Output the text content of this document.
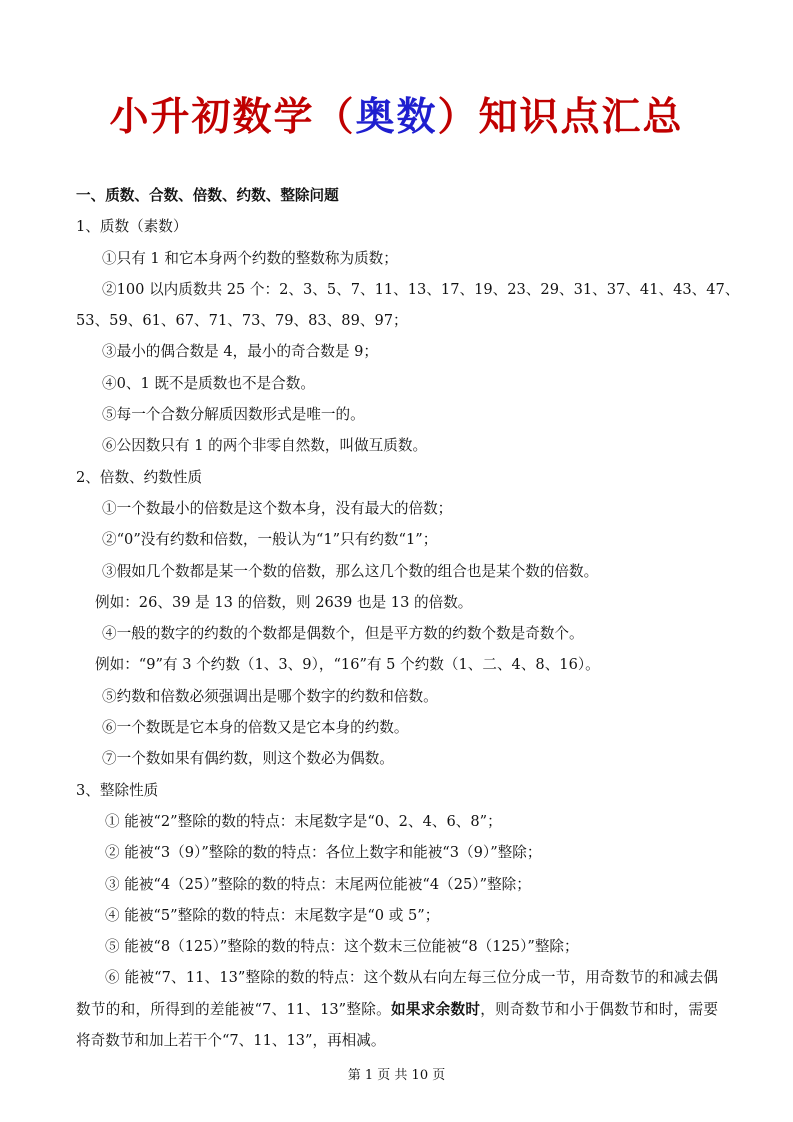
小升初数学（奥数）知识点汇总
一、质数、合数、倍数、约数、整除问题
1、质数（素数）
①只有 1 和它本身两个约数的整数称为质数；
②100 以内质数共 25 个：2、3、5、7、11、13、17、19、23、29、31、37、41、43、47、
53、59、61、67、71、73、79、83、89、97；
③最小的偶合数是 4，最小的奇合数是 9；
④0、1 既不是质数也不是合数。
⑤每一个合数分解质因数形式是唯一的。
⑥公因数只有 1 的两个非零自然数，叫做互质数。
2、倍数、约数性质
①一个数最小的倍数是这个数本身，没有最大的倍数；
②“0”没有约数和倍数，一般认为“1”只有约数“1”；
③假如几个数都是某一个数的倍数，那么这几个数的组合也是某个数的倍数。
例如：26、39 是 13 的倍数，则 2639 也是 13 的倍数。
④一般的数字的约数的个数都是偶数个，但是平方数的约数个数是奇数个。
例如：“9”有 3 个约数（1、3、9），“16”有 5 个约数（1、二、4、8、16）。
⑤约数和倍数必须强调出是哪个数字的约数和倍数。
⑥一个数既是它本身的倍数又是它本身的约数。
⑦一个数如果有偶约数，则这个数必为偶数。
3、整除性质
① 能被“2”整除的数的特点：末尾数字是“0、2、4、6、8”；
② 能被“3（9）”整除的数的特点：各位上数字和能被“3（9）”整除；
③ 能被“4（25）”整除的数的特点：末尾两位能被“4（25）”整除；
④ 能被“5”整除的数的特点：末尾数字是“0 或 5”；
⑤ 能被“8（125）”整除的数的特点：这个数末三位能被“8（125）”整除；
⑥ 能被“7、11、13”整除的数的特点：这个数从右向左每三位分成一节，用奇数节的和减去偶数节的和，所得到的差能被“7、11、13”整除。如果求余数时，则奇数节和小于偶数节和时，需要将奇数节和加上若干个“7、11、13”，再相减。
第 1 页 共 10 页
